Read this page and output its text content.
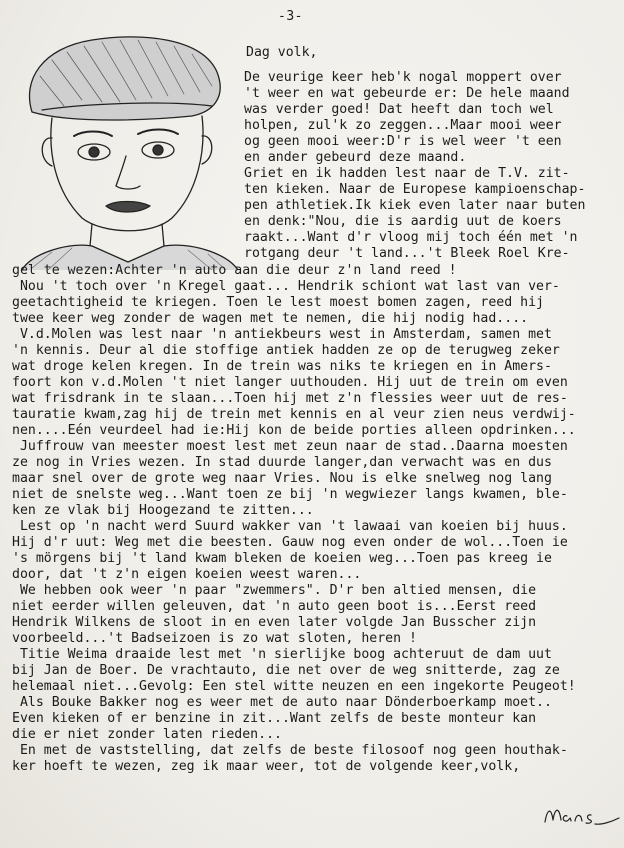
-3-
Dag volk,
De veurige keer heb'k nogal moppert over
't weer en wat gebeurde er: De hele maand
was verder goed! Dat heeft dan toch wel
holpen, zul'k zo zeggen...Maar mooi weer
og geen mooi weer:D'r is wel weer 't een
en ander gebeurd deze maand.
Griet en ik hadden lest naar de T.V. zit-
ten kieken. Naar de Europese kampioenschap-
pen athletiek.Ik kiek even later naar buten
en denk:"Nou, die is aardig uut de koers
raakt...Want d'r vloog mij toch één met 'n
rotgang deur 't land...'t Bleek Roel Kre-
gel te wezen:Achter 'n auto aan die deur z'n land reed !
Nou 't toch over 'n Kregel gaat... Hendrik schiont wat last van ver-
geetachtigheid te kriegen. Toen le lest moest bomen zagen, reed hij
twee keer weg zonder de wagen met te nemen, die hij nodig had....
V.d.Molen was lest naar 'n antiekbeurs west in Amsterdam, samen met
'n kennis. Deur al die stoffige antiek hadden ze op de terugweg zeker
wat droge kelen kregen. In de trein was niks te kriegen en in Amers-
foort kon v.d.Molen 't niet langer uuthouden. Hij uut de trein om even
wat frisdrank in te slaan...Toen hij met z'n flessies weer uut de res-
tauratie kwam,zag hij de trein met kennis en al veur zien neus verdwij-
nen....Eén veurdeel had ie:Hij kon de beide porties alleen opdrinken...
Juffrouw van meester moest lest met zeun naar de stad..Daarna moesten
ze nog in Vries wezen. In stad duurde langer,dan verwacht was en dus
maar snel over de grote weg naar Vries. Nou is elke snelweg nog lang
niet de snelste weg...Want toen ze bij 'n wegwiezer langs kwamen, ble-
ken ze vlak bij Hoogezand te zitten...
Lest op 'n nacht werd Suurd wakker van 't lawaai van koeien bij huus.
Hij d'r uut: Weg met die beesten. Gauw nog even onder de wol...Toen ie
's mörgens bij 't land kwam bleken de koeien weg...Toen pas kreeg ie
door, dat 't z'n eigen koeien weest waren...
We hebben ook weer 'n paar "zwemmers". D'r ben altied mensen, die
niet eerder willen geleuven, dat 'n auto geen boot is...Eerst reed
Hendrik Wilkens de sloot in en even later volgde Jan Busscher zijn
voorbeeld...'t Badseizoen is zo wat sloten, heren !
Titie Weima draaide lest met 'n sierlijke boog achteruut de dam uut
bij Jan de Boer. De vrachtauto, die net over de weg snitterde, zag ze
helemaal niet...Gevolg: Een stel witte neuzen en een ingekorte Peugeot!
Als Bouke Bakker nog es weer met de auto naar Dönderboerkamp moet..
Even kieken of er benzine in zit...Want zelfs de beste monteur kan
die er niet zonder laten rieden...
En met de vaststelling, dat zelfs de beste filosoof nog geen houthak-
ker hoeft te wezen, zeg ik maar weer, tot de volgende keer,volk,
